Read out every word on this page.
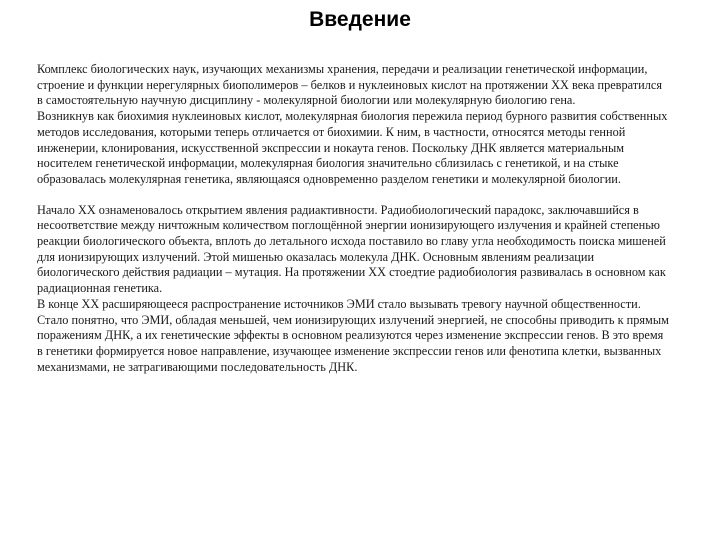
Введение

Комплекс биологических наук, изучающих механизмы хранения, передачи и реализации генетической информации, строение и функции нерегулярных биополимеров – белков и нуклеиновых кислот на протяжении XX века превратился в самостоятельную научную дисциплину - молекулярной биологии или молекулярную биологию гена.

Возникнув как биохимия нуклеиновых кислот, молекулярная биология пережила период бурного развития собственных методов исследования, которыми теперь отличается от биохимии. К ним, в частности, относятся методы генной инженерии, клонирования, искусственной экспрессии и нокаута генов. Поскольку ДНК является материальным носителем генетической информации, молекулярная биология значительно сблизилась с генетикой, и на стыке образовалась молекулярная генетика, являющаяся одновременно разделом генетики и молекулярной биологии.

Начало XX ознаменовалось открытием явления радиактивности. Радиобиологический парадокс, заключавшийся в несоответствие между ничтожным количеством поглощённой энергии ионизирующего излучения и крайней степенью реакции биологического объекта, вплоть до летального исхода поставило во главу угла необходимость поиска мишеней для ионизирующих излучений. Этой мишенью оказалась молекула ДНК. Основным явлениям реализации биологического действия радиации – мутация. На протяжении XX стоедтие радиобиология развивалась в основном как радиационная генетика.

В конце XX расширяющееся распространение источников ЭМИ стало вызывать тревогу научной общественности. Стало понятно, что ЭМИ, обладая меньшей, чем ионизирующих излучений энергией, не способны приводить к прямым поражениям ДНК, а их генетические эффекты в основном реализуются через изменение экспрессии генов. В это время в генетики формируется новое направление, изучающее изменение экспрессии генов или фенотипа клетки, вызванных механизмами, не затрагивающими последовательность ДНК.
